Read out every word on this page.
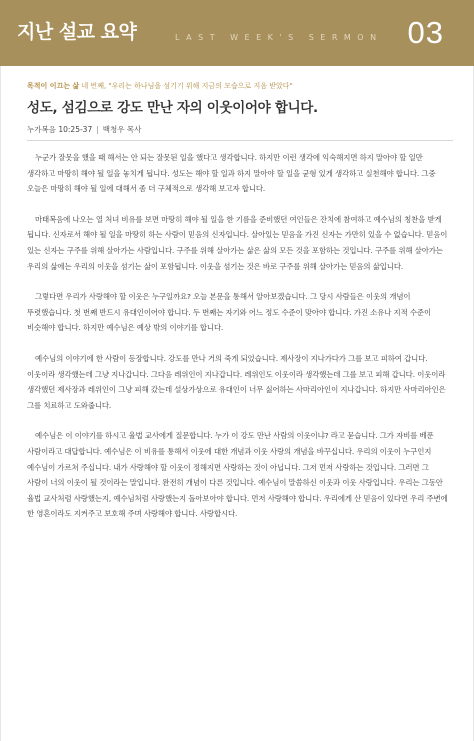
지난 설교 요약	LAST WEEK'S SERMON 03
목적이 이끄는 삶 네 번째, "우리는 하나님을 섬기기 위해 지금의 모습으로 지음 받았다"
성도, 섬김으로 강도 만난 자의 이웃이어야 합니다.
누가복음 10:25-37 | 백청우 목사

누군가 잘못을 했을 때 해서는 안 되는 잘못된 일을 했다고 생각합니다. 하지만 이런 생각에 익숙해지면 하지 말아야 할 일만 생각하고 마땅히 해야 될 일을 놓치게 됩니다. 성도는 해야 할 일과 하지 말아야 할 일을 균형 있게 생각하고 실천해야 합니다. 그중 오늘은 마땅히 해야 될 일에 대해서 좀 더 구체적으로 생각해 보고자 합니다.

마태복음에 나오는 열 처녀 비유를 보면 마땅히 해야 될 일을 한 기름을 준비했던 여인들은 잔치에 참여하고 예수님의 칭찬을 받게 됩니다. 신자로서 해야 될 일을 마땅히 하는 사람이 믿음의 신자입니다. 살아있는 믿음을 가진 신자는 가만히 있을 수 없습니다. 믿음이 있는 신자는 구주를 위해 살아가는 사람입니다. 구주를 위해 살아가는 삶은 삶의 모든 것을 포함하는 것입니다. 구주를 위해 살아가는 우리의 삶에는 우리의 이웃을 섬기는 삶이 포함됩니다. 이웃을 섬기는 것은 바로 구주를 위해 살아가는 믿음의 삶입니다.

그렇다면 우리가 사랑해야 할 이웃은 누구일까요? 오늘 본문을 통해서 알아보겠습니다. 그 당시 사람들은 이웃의 개념이 뚜렷했습니다. 첫 번째 반드시 유대인이어야 합니다. 두 번째는 자기와 어느 정도 수준이 맞아야 합니다. 가진 소유나 지적 수준이 비슷해야 합니다. 하지만 예수님은 예상 밖의 이야기를 합니다.

예수님의 이야기에 한 사람이 등장합니다. 강도를 만나 거의 죽게 되었습니다. 제사장이 지나가다가 그를 보고 피하여 갑니다. 이웃이라 생각했는데 그냥 지나갑니다. 그다음 레위인이 지나갑니다. 레위인도 이웃이라 생각했는데 그를 보고 피해 갑니다. 이웃이라 생각했던 제사장과 레위인이 그냥 피해 갔는데 설상가상으로 유대인이 너무 싫어하는 사마리아인이 지나갑니다. 하지만 사마리아인은 그를 치료하고 도와줍니다.

예수님은 이 이야기를 하시고 율법 교사에게 질문합니다. 누가 이 강도 만난 사람의 이웃이냐? 라고 묻습니다. 그가 자비를 베푼 사람이라고 대답합니다. 예수님은 이 비유를 통해서 이웃에 대한 개념과 이웃 사랑의 개념을 바꾸십니다. 우리의 이웃이 누구인지 예수님이 가르쳐 주십니다. 내가 사랑해야 할 이웃이 정해지면 사랑하는 것이 아닙니다. 그저 먼저 사랑하는 것입니다. 그러면 그 사람이 너의 이웃이 될 것이라는 말입니다. 완전히 개념이 다른 것입니다. 예수님이 말씀하신 이웃과 이웃 사랑입니다. 우리는 그동안 율법 교사처럼 사랑했는지, 예수님처럼 사랑했는지 돌아보아야 합니다. 먼저 사랑해야 합니다. 우리에게 산 믿음이 있다면 우리 주변에 한 영혼이라도 지켜주고 보호해 주며 사랑해야 합니다. 사랑합시다.
